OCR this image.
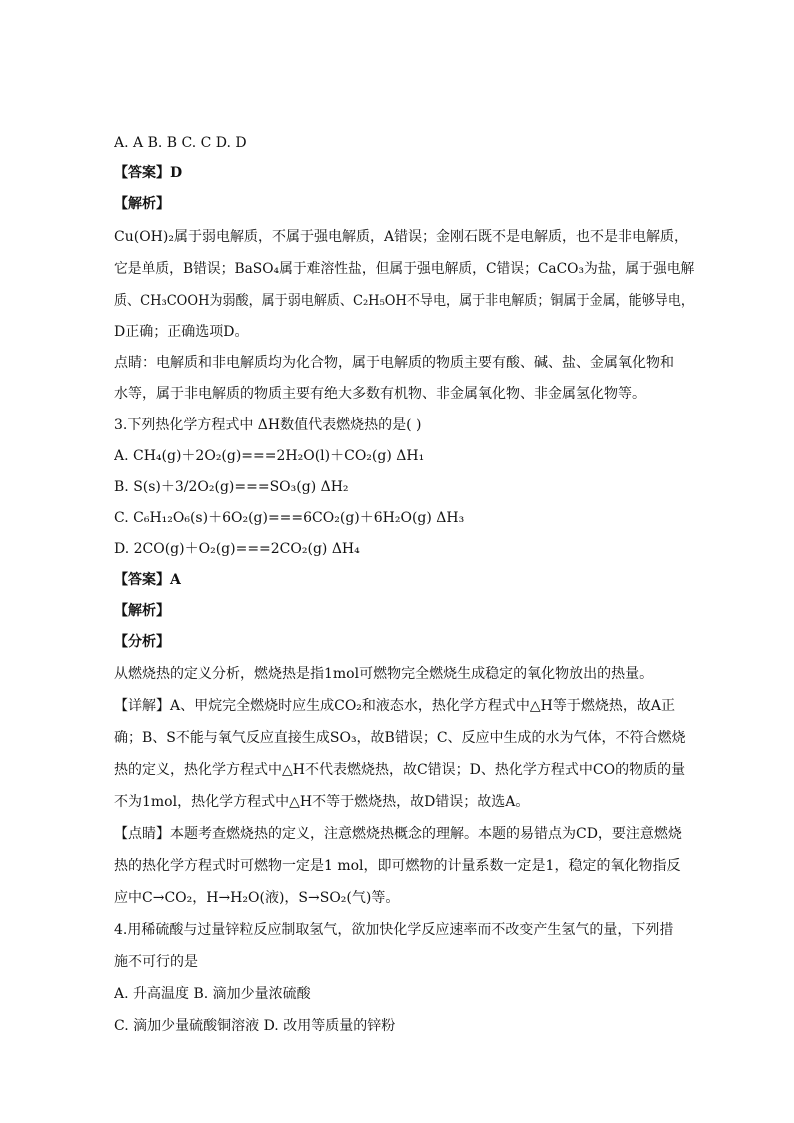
A. A B. B C. C D. D
【答案】D
【解析】
Cu(OH)₂属于弱电解质，不属于强电解质，A错误；金刚石既不是电解质，也不是非电解质，
它是单质，B错误；BaSO₄属于难溶性盐，但属于强电解质，C错误；CaCO₃为盐，属于强电解
质、CH₃COOH为弱酸，属于弱电解质、C₂H₅OH不导电，属于非电解质；铜属于金属，能够导电，
D正确；正确选项D。
点睛：电解质和非电解质均为化合物，属于电解质的物质主要有酸、碱、盐、金属氧化物和
水等，属于非电解质的物质主要有绝大多数有机物、非金属氧化物、非金属氢化物等。
3.下列热化学方程式中 ΔH数值代表燃烧热的是( )
A. CH₄(g)＋2O₂(g)===2H₂O(l)＋CO₂(g) ΔH₁
B. S(s)＋3/2O₂(g)===SO₃(g) ΔH₂
C. C₆H₁₂O₆(s)＋6O₂(g)===6CO₂(g)＋6H₂O(g) ΔH₃
D. 2CO(g)＋O₂(g)===2CO₂(g) ΔH₄
【答案】A
【解析】
【分析】
从燃烧热的定义分析，燃烧热是指1mol可燃物完全燃烧生成稳定的氧化物放出的热量。
【详解】A、甲烷完全燃烧时应生成CO₂和液态水，热化学方程式中△H等于燃烧热，故A正
确；B、S不能与氧气反应直接生成SO₃，故B错误；C、反应中生成的水为气体，不符合燃烧
热的定义，热化学方程式中△H不代表燃烧热，故C错误；D、热化学方程式中CO的物质的量
不为1mol，热化学方程式中△H不等于燃烧热，故D错误；故选A。
【点睛】本题考查燃烧热的定义，注意燃烧热概念的理解。本题的易错点为CD，要注意燃烧
热的热化学方程式时可燃物一定是1 mol，即可燃物的计量系数一定是1，稳定的氧化物指反
应中C→CO₂，H→H₂O(液)，S→SO₂(气)等。
4.用稀硫酸与过量锌粒反应制取氢气，欲加快化学反应速率而不改变产生氢气的量，下列措
施不可行的是
A. 升高温度 B. 滴加少量浓硫酸
C. 滴加少量硫酸铜溶液 D. 改用等质量的锌粉
